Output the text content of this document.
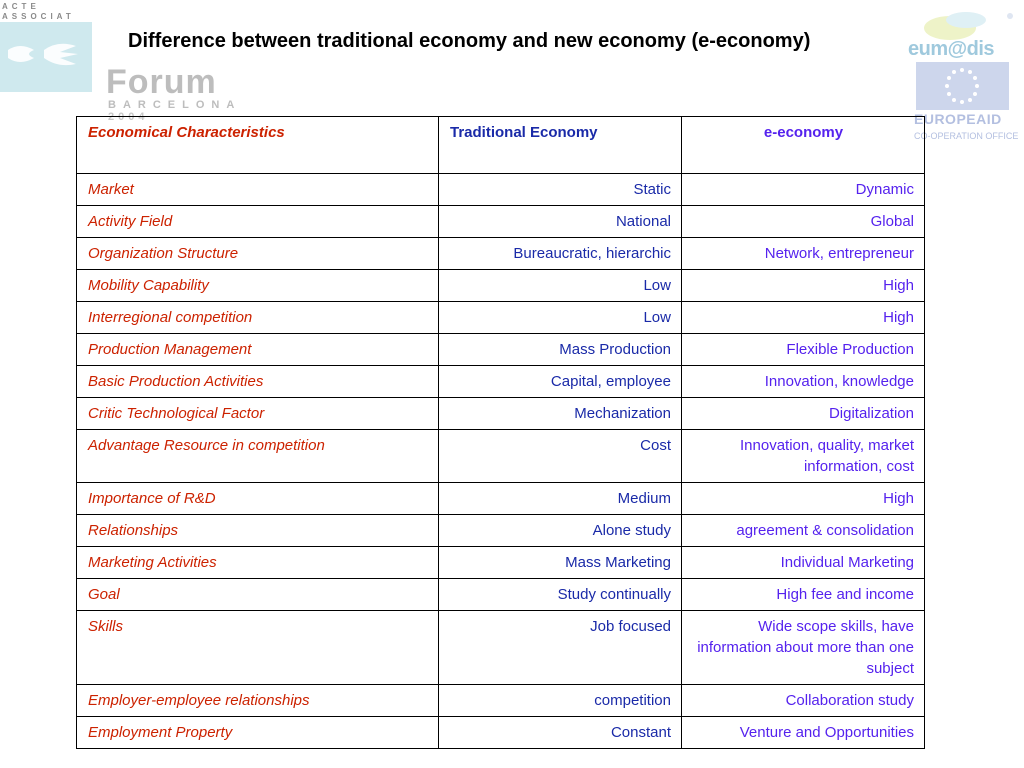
ACTE
ASSOCIAT
Forum
BARCELONA
2004
Difference between traditional economy and new economy (e-economy)	eum@dis
EUROPEAID
CO-OPERATION OFFICE
Economical Characteristics	Traditional Economy	e-economy
Market	Static	Dynamic
Activity Field	National	Global
Organization Structure	Bureaucratic, hierarchic	Network, entrepreneur
Mobility Capability	Low	High
Interregional competition	Low	High
Production Management	Mass Production	Flexible Production
Basic Production Activities	Capital, employee	Innovation, knowledge
Critic Technological Factor	Mechanization	Digitalization
Advantage Resource in competition	Cost	Innovation, quality, market information, cost
Importance of R&D	Medium	High
Relationships	Alone study	agreement & consolidation
Marketing Activities	Mass Marketing	Individual Marketing
Goal	Study continually	High fee and income
Skills	Job focused	Wide scope skills, have information about more than one subject
Employer-employee relationships	competition	Collaboration study
Employment Property	Constant	Venture and Opportunities
